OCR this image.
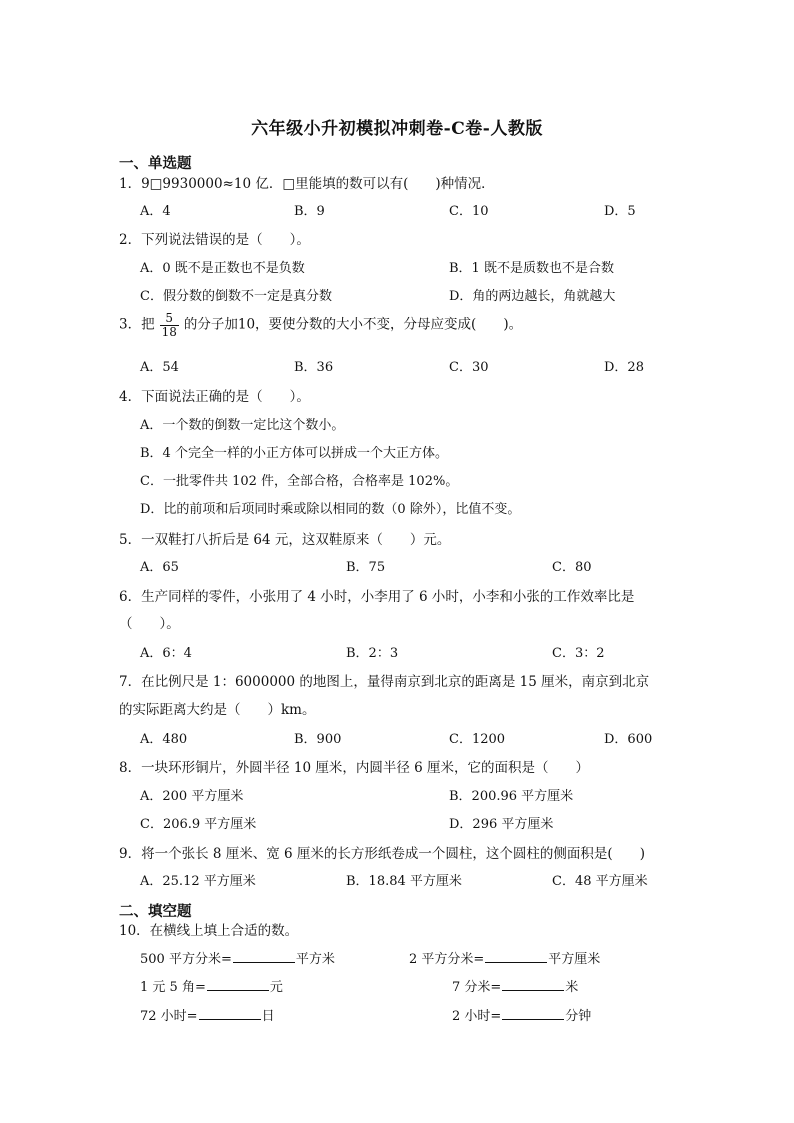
六年级小升初模拟冲刺卷-C卷-人教版
一、单选题
1．9□9930000≈10 亿．□里能填的数可以有(　　)种情况．
A．4	B．9	C．10	D．5
2．下列说法错误的是（　　）。
A．0 既不是正数也不是负数	B．1 既不是质数也不是合数
C．假分数的倒数不一定是真分数	D．角的两边越长，角就越大
3．把 $\frac{5}{18}$ 的分子加10，要使分数的大小不变，分母应变成(　　)。
A．54	B．36	C．30	D．28
4．下面说法正确的是（　　）。
A．一个数的倒数一定比这个数小。
B．4 个完全一样的小正方体可以拼成一个大正方体。
C．一批零件共 102 件，全部合格，合格率是 102%。
D．比的前项和后项同时乘或除以相同的数（0 除外），比值不变。
5．一双鞋打八折后是 64 元，这双鞋原来（　　）元。
A．65	B．75	C．80
6．生产同样的零件，小张用了 4 小时，小李用了 6 小时，小李和小张的工作效率比是
（　　）。
A．6：4	B．2：3	C．3：2
7．在比例尺是 1：6000000 的地图上，量得南京到北京的距离是 15 厘米，南京到北京
的实际距离大约是（　　）km。
A．480	B．900	C．1200	D．600
8．一块环形铜片，外圆半径 10 厘米，内圆半径 6 厘米，它的面积是（　　）
A．200 平方厘米	B．200.96 平方厘米
C．206.9 平方厘米	D．296 平方厘米
9．将一个张长 8 厘米、宽 6 厘米的长方形纸卷成一个圆柱，这个圆柱的侧面积是(　　)
A．25.12 平方厘米	B．18.84 平方厘米	C．48 平方厘米
二、填空题
10．在横线上填上合适的数。
500 平方分米=	平方米	2 平方分米=	平方厘米
1 元 5 角=	元	7 分米=	米
72 小时=	日	2 小时=	分钟
